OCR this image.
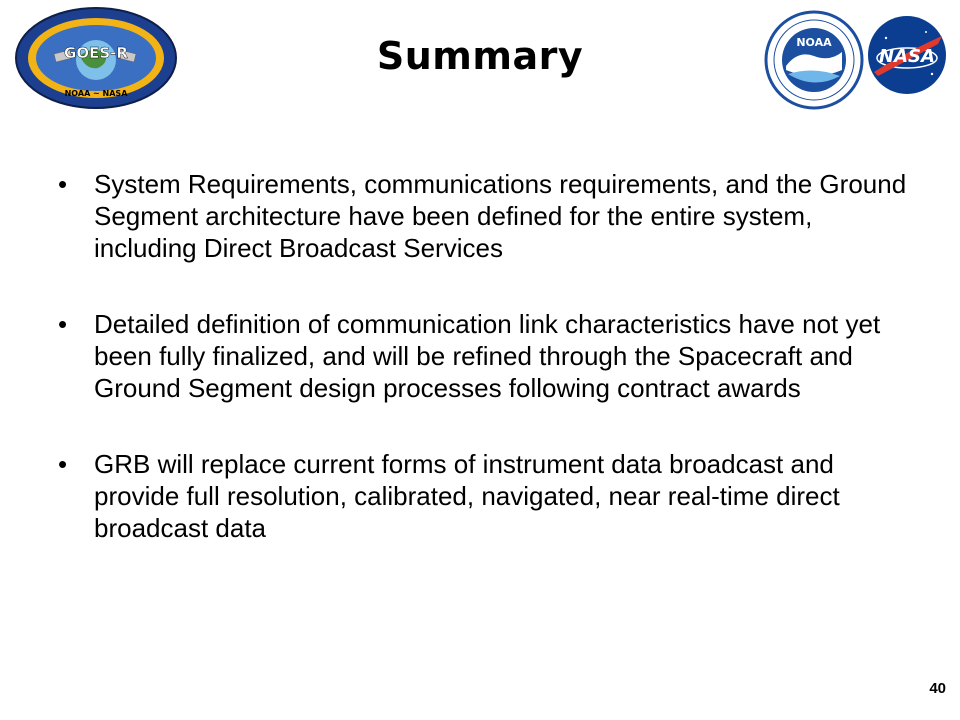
GOES-R
NOAA ~ NASA
Summary	NOAA
NASA
•	System Requirements, communications requirements, and the Ground Segment architecture have been defined for the entire system, including Direct Broadcast Services
•	Detailed definition of communication link characteristics have not yet been fully finalized, and will be refined through the Spacecraft and Ground Segment design processes following contract awards
•	GRB will replace current forms of instrument data broadcast and provide full resolution, calibrated, navigated, near real-time direct broadcast data
40
